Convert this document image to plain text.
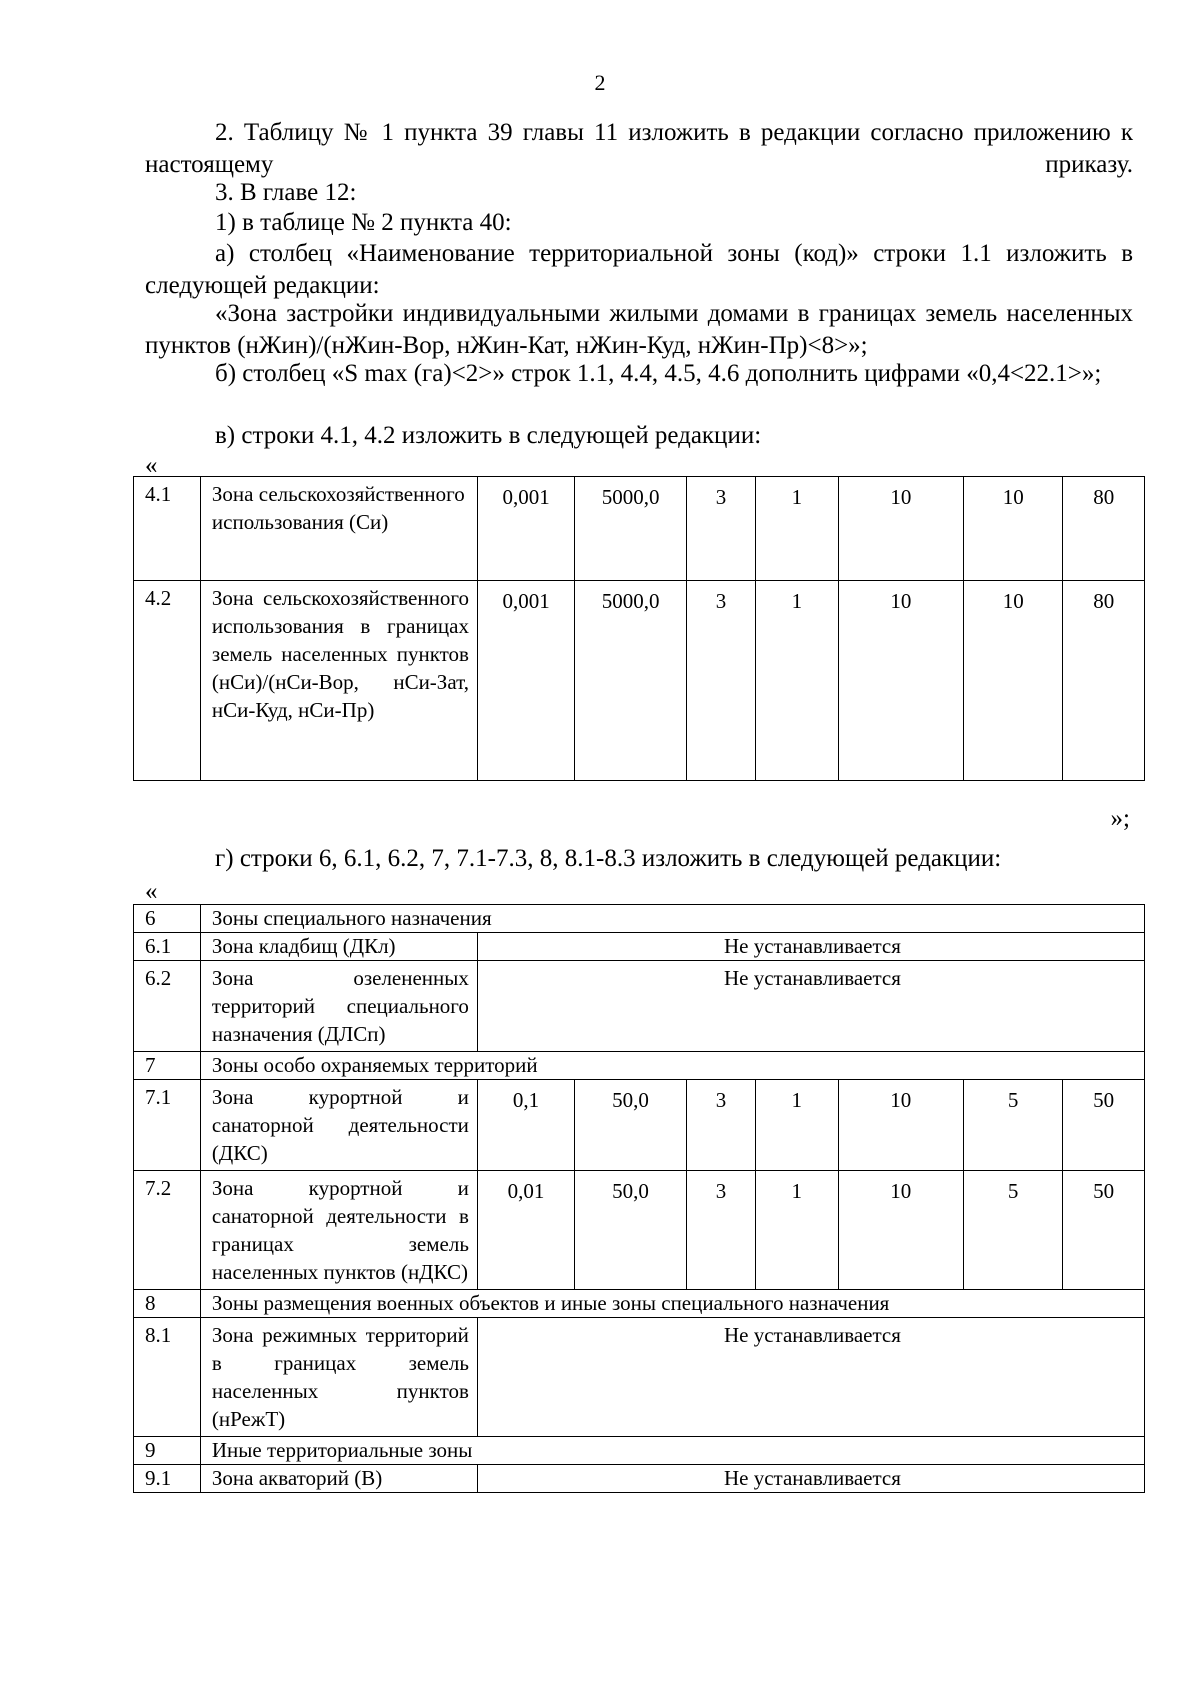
2
2. Таблицу № 1 пункта 39 главы 11 изложить в редакции согласно приложению к настоящему приказу.
3. В главе 12:
1) в таблице № 2 пункта 40:
а) столбец «Наименование территориальной зоны (код)» строки 1.1 изложить в следующей редакции:
«Зона застройки индивидуальными жилыми домами в границах земель населенных пунктов (нЖин)/(нЖин-Вор, нЖин-Кат, нЖин-Куд, нЖин-Пр)<8>»;
б) столбец «S max (га)<2>» строк 1.1, 4.4, 4.5, 4.6 дополнить цифрами «0,4<22.1>»;
в) строки 4.1, 4.2 изложить в следующей редакции:
«
4.1	Зона сельскохозяйственного использования (Си)	0,001	5000,0	3	1	10	10	80
4.2	Зона сельскохозяйственного использования в границах земель населенных пунктов (нСи)/(нСи-Вор, нСи-Зат, нСи-Куд, нСи-Пр)	0,001	5000,0	3	1	10	10	80
»;
г) строки 6, 6.1, 6.2, 7, 7.1-7.3, 8, 8.1-8.3 изложить в следующей редакции:
«
6	Зоны специального назначения							
6.1	Зона кладбищ (ДКл)	Не устанавливается						
6.2	Зона озелененных территорий специального назначения (ДЛСп)	Не устанавливается						
7	Зоны особо охраняемых территорий							
7.1	Зона курортной и санаторной деятельности (ДКС)	0,1	50,0	3	1	10	5	50
7.2	Зона курортной и санаторной деятельности в границах земель населенных пунктов (нДКС)	0,01	50,0	3	1	10	5	50
8	Зоны размещения военных объектов и иные зоны специального назначения							
8.1	Зона режимных территорий в границах земель населенных пунктов (нРежТ)	Не устанавливается						
9	Иные территориальные зоны							
9.1	Зона акваторий (В)	Не устанавливается						
